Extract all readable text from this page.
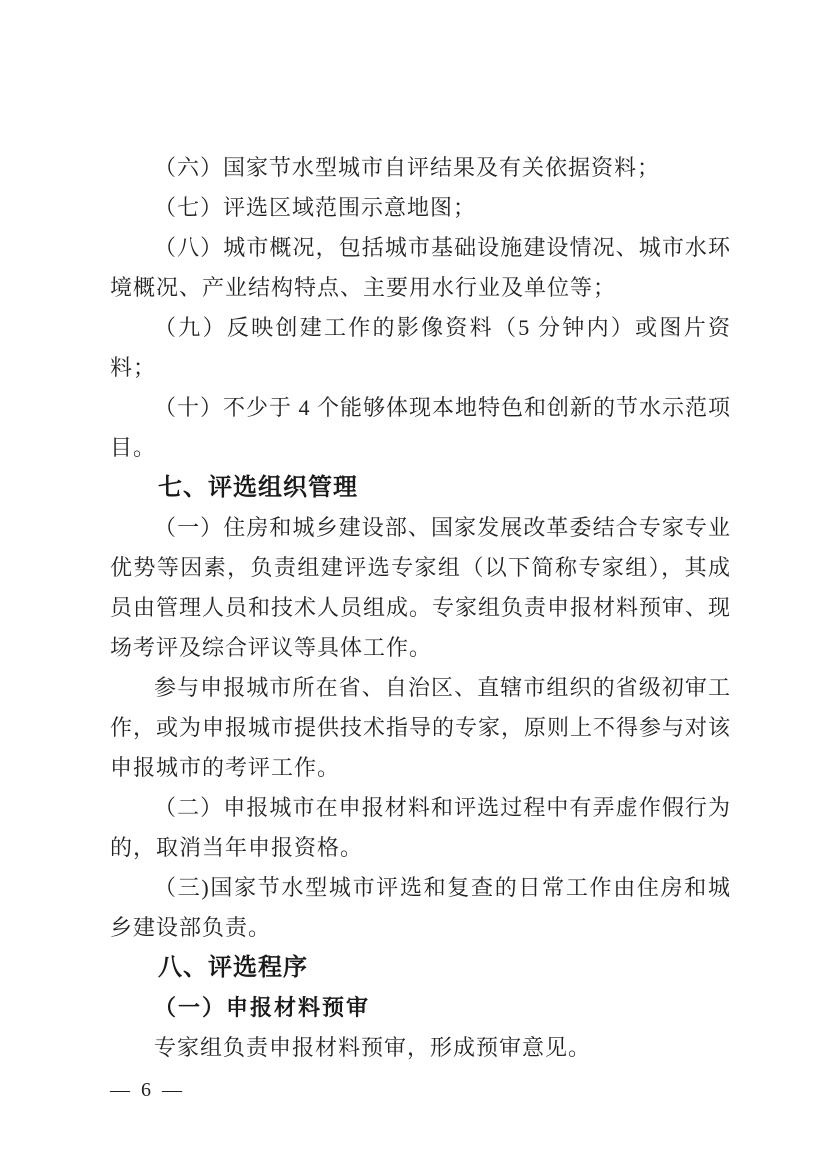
（六）国家节水型城市自评结果及有关依据资料；

（七）评选区域范围示意地图；

（八）城市概况，包括城市基础设施建设情况、城市水环境概况、产业结构特点、主要用水行业及单位等；

（九）反映创建工作的影像资料（5 分钟内）或图片资料；

（十）不少于 4 个能够体现本地特色和创新的节水示范项目。

七、评选组织管理

（一）住房和城乡建设部、国家发展改革委结合专家专业优势等因素，负责组建评选专家组（以下简称专家组），其成员由管理人员和技术人员组成。专家组负责申报材料预审、现场考评及综合评议等具体工作。

参与申报城市所在省、自治区、直辖市组织的省级初审工作，或为申报城市提供技术指导的专家，原则上不得参与对该申报城市的考评工作。

（二）申报城市在申报材料和评选过程中有弄虚作假行为的，取消当年申报资格。

（三)国家节水型城市评选和复查的日常工作由住房和城乡建设部负责。

八、评选程序
（一）申报材料预审

专家组负责申报材料预审，形成预审意见。

— 6 —
